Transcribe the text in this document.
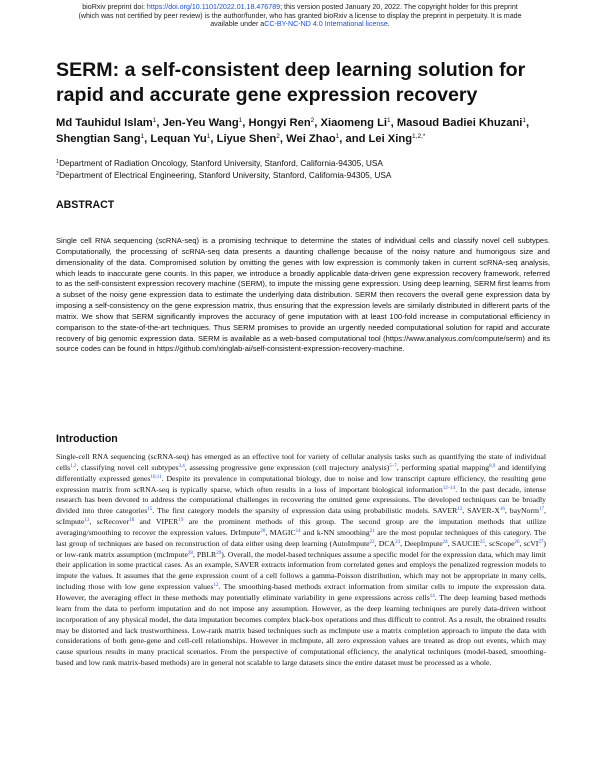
bioRxiv preprint doi: https://doi.org/10.1101/2022.01.18.476789; this version posted January 20, 2022. The copyright holder for this preprint
(which was not certified by peer review) is the author/funder, who has granted bioRxiv a license to display the preprint in perpetuity. It is made
available under aCC-BY-NC-ND 4.0 International license.
SERM: a self-consistent deep learning solution for rapid and accurate gene expression recovery
Md Tauhidul Islam$^1$, Jen-Yeu Wang$^1$, Hongyi Ren$^2$, Xiaomeng Li$^1$, Masoud Badiei Khuzani$^1$, Shengtian Sang$^1$, Lequan Yu$^1$, Liyue Shen$^2$, Wei Zhao$^1$, and Lei Xing$^{1,2,*}$
$^1$Department of Radiation Oncology, Stanford University, Stanford, California-94305, USA
$^2$Department of Electrical Engineering, Stanford University, Stanford, California-94305, USA
ABSTRACT

Single cell RNA sequencing (scRNA-seq) is a promising technique to determine the states of individual cells and classify novel cell subtypes. Computationally, the processing of scRNA-seq data presents a daunting challenge because of the noisy nature and humongous size and dimensionality of the data. Compromised solution by omitting the genes with low expression is commonly taken in current scRNA-seq analysis, which leads to inaccurate gene counts. In this paper, we introduce a broadly applicable data-driven gene expression recovery framework, referred to as the self-consistent expression recovery machine (SERM), to impute the missing gene expression. Using deep learning, SERM first learns from a subset of the noisy gene expression data to estimate the underlying data distribution. SERM then recovers the overall gene expression data by imposing a self-consistency on the gene expression matrix, thus ensuring that the expression levels are similarly distributed in different parts of the matrix. We show that SERM significantly improves the accuracy of gene imputation with at least 100-fold increase in computational efficiency in comparison to the state-of-the-art techniques. Thus SERM promises to provide an urgently needed computational solution for rapid and accurate recovery of big genomic expression data. SERM is available as a web-based computational tool (https://www.analyxus.com/compute/serm) and its source codes can be found in https://github.com/xinglab-ai/self-consistent-expression-recovery-machine.

Introduction

Single-cell RNA sequencing (scRNA-seq) has emerged as an effective tool for variety of cellular analysis tasks such as quantifying the state of individual cells$^{1,2}$, classifying novel cell subtypes$^{3,4}$, assessing progressive gene expression (cell trajectory analysis)$^{5-7}$, performing spatial mapping$^{8,9}$ and identifying differentially expressed genes$^{10,11}$. Despite its prevalence in computational biology, due to noise and low transcript capture efficiency, the resulting gene expression matrix from scRNA-seq is typically sparse, which often results in a loss of important biological information$^{12-14}$. In the past decade, intense research has been devoted to address the computational challenges in recovering the omitted gene expressions. The developed techniques can be broadly divided into three categories$^{15}$. The first category models the sparsity of expression data using probabilistic models. SAVER$^{12}$, SAVER-$X^{16}$, bayNorm$^{17}$, scImpute$^{13}$, scRecover$^{18}$ and VIPER$^{19}$ are the prominent methods of this group. The second group are the imputation methods that utilize averaging/smoothing to recover the expression values. DrImpute$^{20}$, MAGIC$^{14}$ and k-NN smoothing$^{21}$ are the most popular techniques of this category. The last group of techniques are based on reconstruction of data either using deep learning (AutoImpute$^{22}$, DCA$^{23}$, DeepImpute$^{24}$, SAUCIE$^{25}$, scScope$^{26}$, scVI$^{27}$) or low-rank matrix assumption (mcImpute$^{28}$, PBLR$^{29}$). Overall, the model-based techniques assume a specific model for the expression data, which may limit their application in some practical cases. As an example, SAVER extracts information from correlated genes and employs the penalized regression models to impute the values. It assumes that the gene expression count of a cell follows a gamma-Poisson distribution, which may not be appropriate in many cells, including those with low gene expression values$^{12}$. The smoothing-based methods extract information from similar cells to impute the expression data. However, the averaging effect in these methods may potentially eliminate variability in gene expressions across cells$^{14}$. The deep learning based methods learn from the data to perform imputation and do not impose any assumption. However, as the deep learning techniques are purely data-driven without incorporation of any physical model, the data imputation becomes complex black-box operations and thus difficult to control. As a result, the obtained results may be distorted and lack trustworthiness. Low-rank matrix based techniques such as mcImpute use a matrix completion approach to impute the data with considerations of both gene-gene and cell-cell relationships. However in mcImpute, all zero expression values are treated as drop out events, which may cause spurious results in many practical scenarios. From the perspective of computational efficiency, the analytical techniques (model-based, smoothing-based and low rank matrix-based methods) are in general not scalable to large datasets since the entire dataset must be processed as a whole.
